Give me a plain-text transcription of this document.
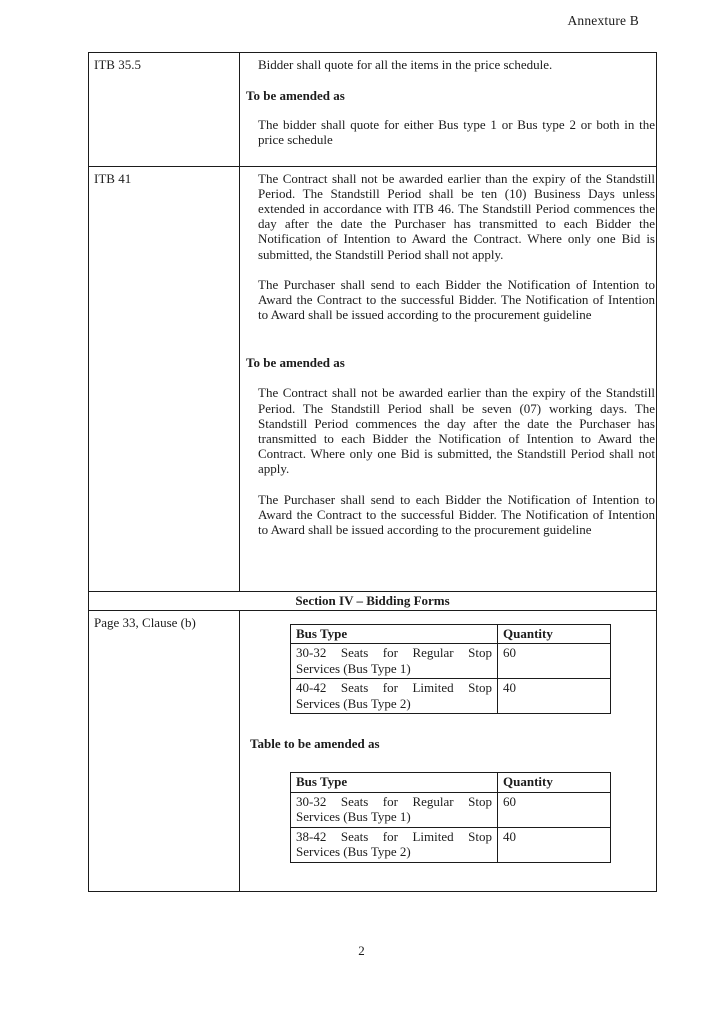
Annexture B
ITB 35.5	Bidder shall quote for all the items in the price schedule.
To be amended as
The bidder shall quote for either Bus type 1 or Bus type 2 or both in the price schedule

ITB 41	The Contract shall not be awarded earlier than the expiry of the Standstill Period. The Standstill Period shall be ten (10) Business Days unless extended in accordance with ITB 46. The Standstill Period commences the day after the date the Purchaser has transmitted to each Bidder the Notification of Intention to Award the Contract. Where only one Bid is submitted, the Standstill Period shall not apply.
The Purchaser shall send to each Bidder the Notification of Intention to Award the Contract to the successful Bidder. The Notification of Intention to Award shall be issued according to the procurement guideline
To be amended as
The Contract shall not be awarded earlier than the expiry of the Standstill Period. The Standstill Period shall be seven (07) working days. The Standstill Period commences the day after the date the Purchaser has transmitted to each Bidder the Notification of Intention to Award the Contract. Where only one Bid is submitted, the Standstill Period shall not apply.
The Purchaser shall send to each Bidder the Notification of Intention to Award the Contract to the successful Bidder. The Notification of Intention to Award shall be issued according to the procurement guideline

Section IV – Bidding Forms
Page 33, Clause (b)	
Bus Type	Quantity
30-32 Seats for Regular Stop Services (Bus Type 1)	60
40-42 Seats for Limited Stop Services (Bus Type 2)	40
Table to be amended as
Bus Type	Quantity
30-32 Seats for Regular Stop Services (Bus Type 1)	60
38-42 Seats for Limited Stop Services (Bus Type 2)	40
2
